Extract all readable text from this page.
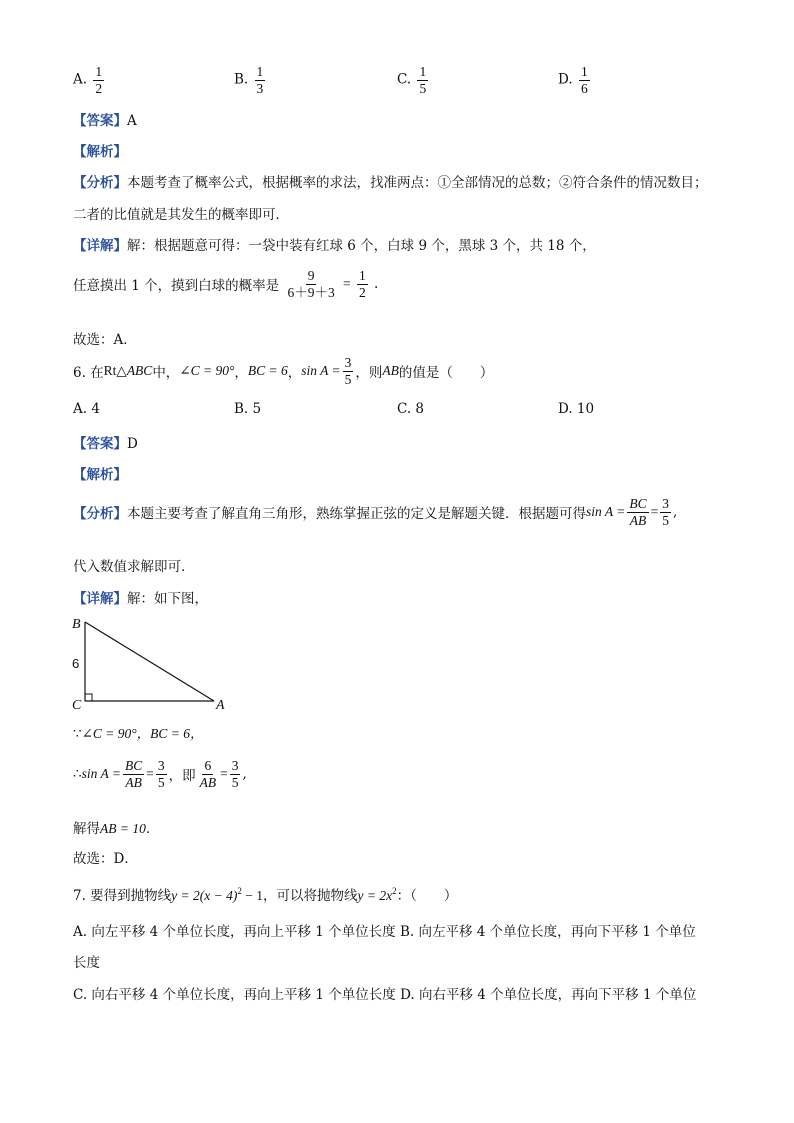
A. $\frac{1}{2}$	B. $\frac{1}{3}$	C. $\frac{1}{5}$	D. $\frac{1}{6}$
【答案】A
【解析】
【分析】本题考查了概率公式，根据概率的求法，找准两点：①全部情况的总数；②符合条件的情况数目；
二者的比值就是其发生的概率即可．
【详解】解：根据题意可得：一袋中装有红球 6 个，白球 9 个，黑球 3 个，共 18 个，
任意摸出 1 个，摸到白球的概率是 $\frac{9}{6+9+3} = \frac{1}{2}$ .
故选：A．
6. 在Rt△ABC中，∠C = 90°，BC = 6，$\sin A = \frac{3}{5}$ ，则AB的值是（　　）
A. 4	B. 5	C. 8	D. 10
【答案】D
【解析】
【分析】本题主要考查了解直角三角形，熟练掌握正弦的定义是解题关键．根据题可得$\sin A = \frac{BC}{AB} = \frac{3}{5}$ ,
代入数值求解即可．
【详解】解：如下图，
B
C	A
6
∵∠C = 90°，BC = 6，
∴sin $A = \frac{BC}{AB} = \frac{3}{5}$ ，即 $\frac{6}{AB} = \frac{3}{5}$ ,
解得AB = 10．
故选：D．
7. 要得到抛物线$y = 2(x - 4)^2 - 1$，可以将抛物线$y = 2x^2$：（　　）
A. 向左平移 4 个单位长度，再向上平移 1 个单位长度 B. 向左平移 4 个单位长度，再向下平移 1 个单位
长度
C. 向右平移 4 个单位长度，再向上平移 1 个单位长度 D. 向右平移 4 个单位长度，再向下平移 1 个单位
